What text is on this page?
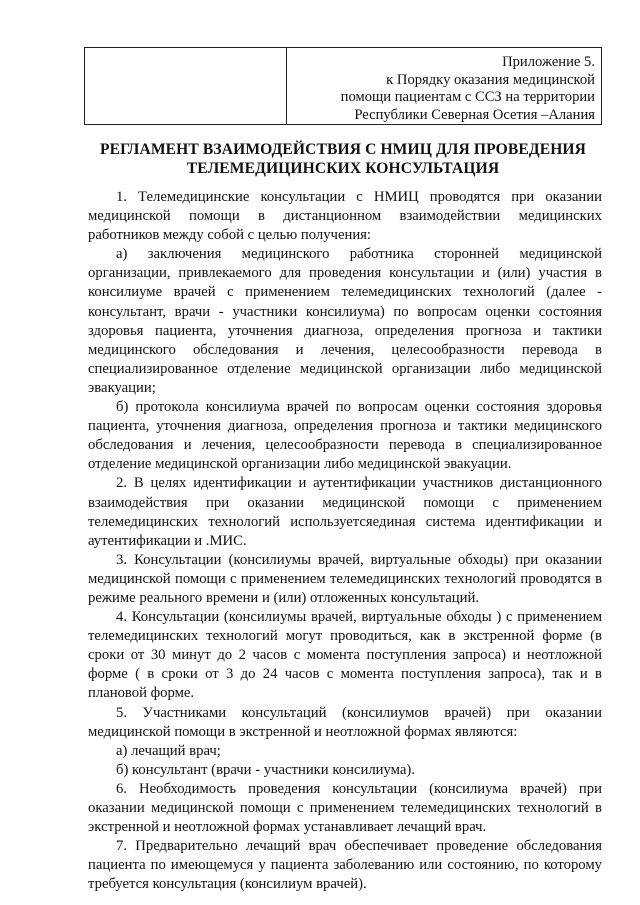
Приложение 5.
к Порядку оказания медицинской
помощи пациентам с ССЗ на территории
Республики Северная Осетия –Алания
РЕГЛАМЕНТ ВЗАИМОДЕЙСТВИЯ С НМИЦ ДЛЯ ПРОВЕДЕНИЯ
ТЕЛЕМЕДИЦИНСКИХ КОНСУЛЬТАЦИЯ

1. Телемедицинские консультации с НМИЦ проводятся при оказании медицинской помощи в дистанционном взаимодействии медицинских работников между собой с целью получения:

а) заключения медицинского работника сторонней медицинской организации, привлекаемого для проведения консультации и (или) участия в консилиуме врачей с применением телемедицинских технологий (далее - консультант, врачи - участники консилиума) по вопросам оценки состояния здоровья пациента, уточнения диагноза, определения прогноза и тактики медицинского обследования и лечения, целесообразности перевода в специализированное отделение медицинской организации либо медицинской эвакуации;

б) протокола консилиума врачей по вопросам оценки состояния здоровья пациента, уточнения диагноза, определения прогноза и тактики медицинского обследования и лечения, целесообразности перевода в специализированное отделение медицинской организации либо медицинской эвакуации.

2. В целях идентификации и аутентификации участников дистанционного взаимодействия при оказании медицинской помощи с применением телемедицинских технологий используетсяединая система идентификации и аутентификации и .МИС.

3. Консультации (консилиумы врачей, виртуальные обходы) при оказании медицинской помощи с применением телемедицинских технологий проводятся в режиме реального времени и (или) отложенных консультаций.

4. Консультации (консилиумы врачей, виртуальные обходы ) с применением телемедицинских технологий могут проводиться, как в экстренной форме (в сроки от 30 минут до 2 часов с момента поступления запроса) и неотложной форме ( в сроки от 3 до 24 часов с момента поступления запроса), так и в плановой форме.

5. Участниками консультаций (консилиумов врачей) при оказании медицинской помощи в экстренной и неотложной формах являются:

а) лечащий врач;

б) консультант (врачи - участники консилиума).

6. Необходимость проведения консультации (консилиума врачей) при оказании медицинской помощи с применением телемедицинских технологий в экстренной и неотложной формах устанавливает лечащий врач.

7. Предварительно лечащий врач обеспечивает проведение обследования пациента по имеющемуся у пациента заболеванию или состоянию, по которому требуется консультация (консилиум врачей).
